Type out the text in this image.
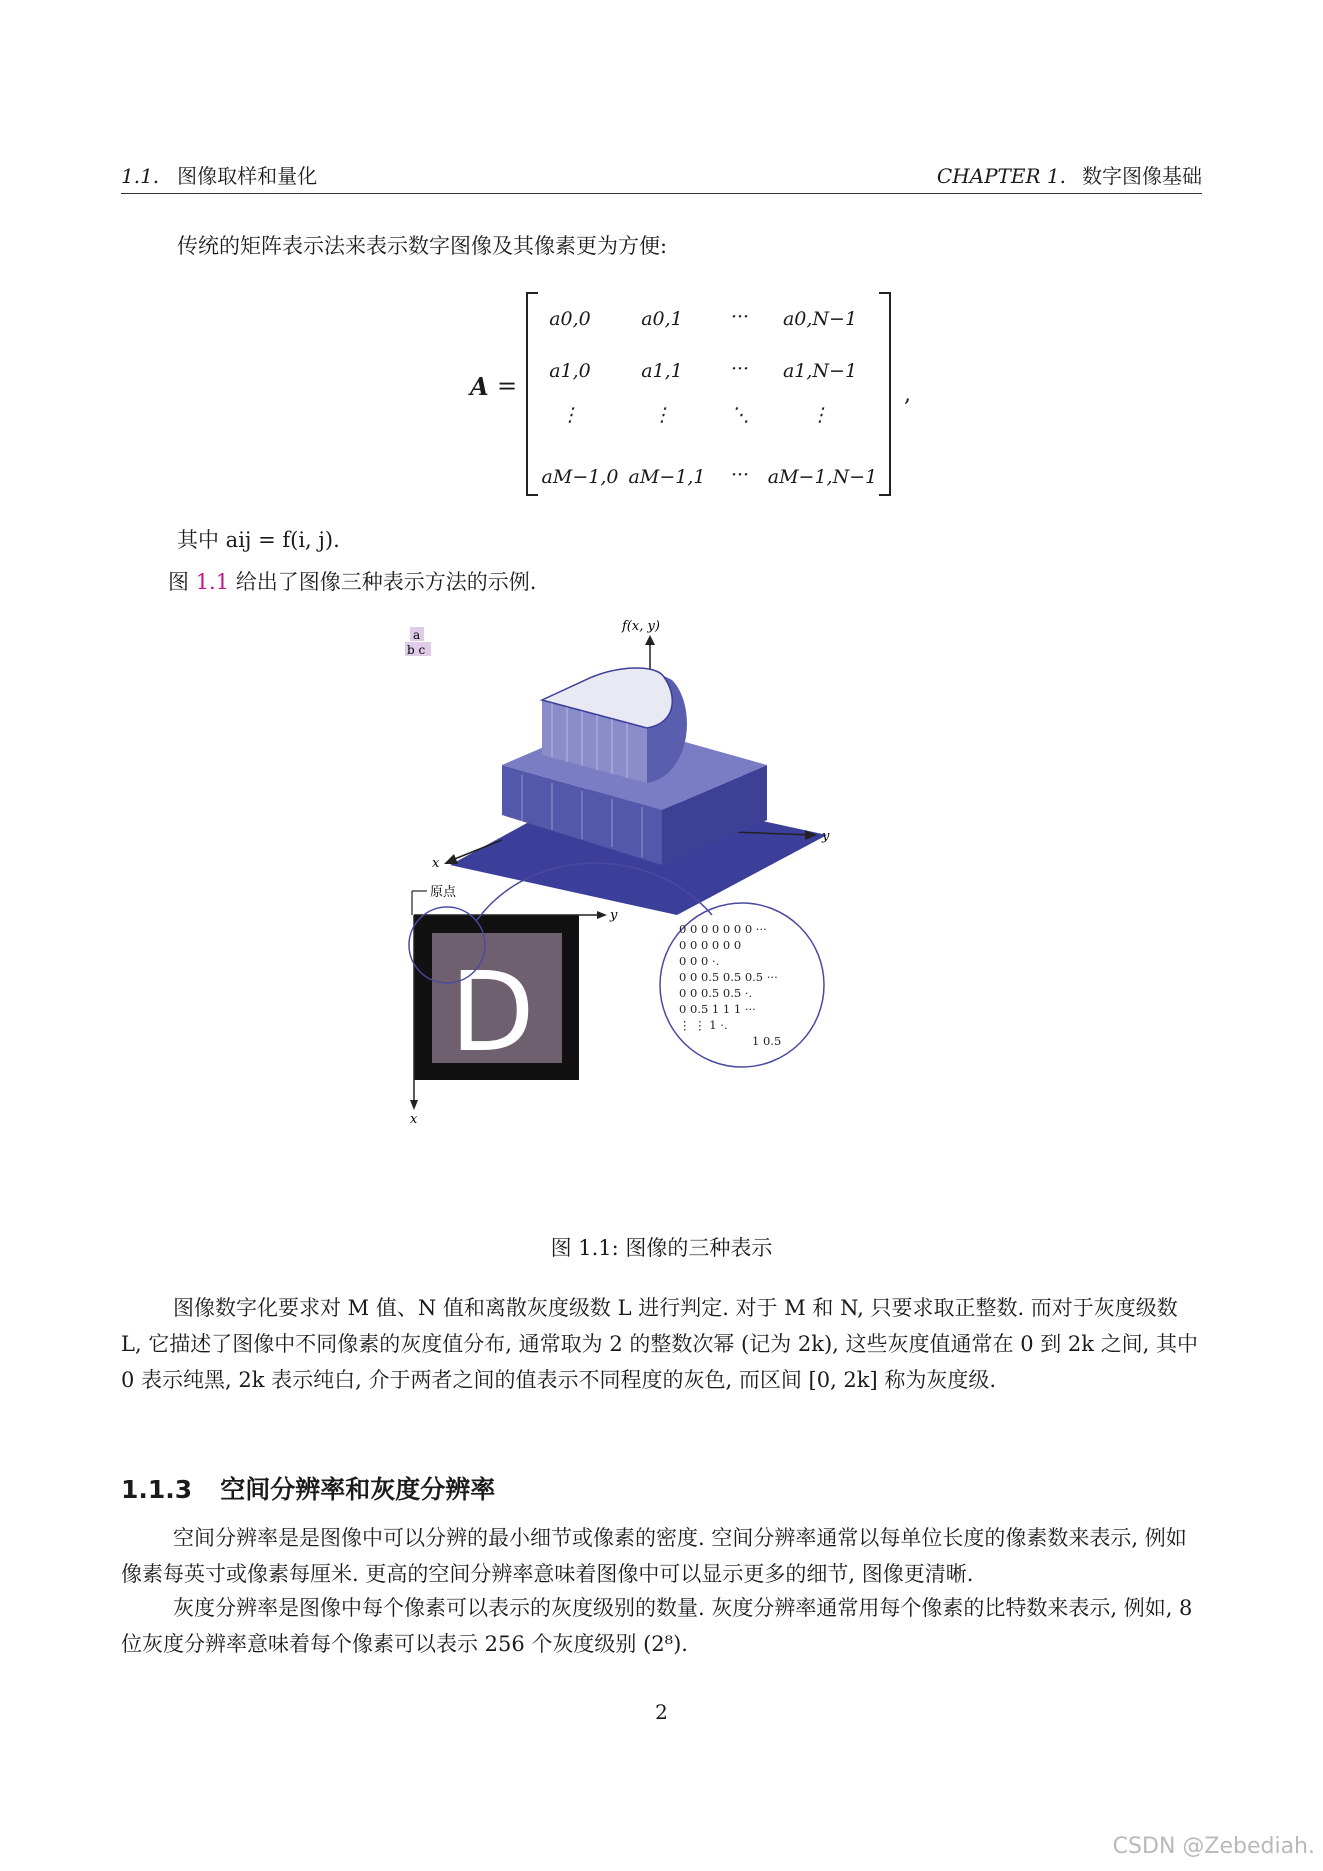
1.1. 图像取样和量化	CHAPTER 1. 数字图像基础
传统的矩阵表示法来表示数字图像及其像素更为方便:
A =
a0,0	a0,1	···	a0,N−1
a1,0	a1,1	···	a1,N−1
⋮	⋮	⋱	⋮
aM−1,0 aM−1,1	··· aM−1,N−1
,
其中 aij = f(i, j).
图 1.1 给出了图像三种表示方法的示例.
a
b c
f(x, y)
y
x
原点
D
y
x
0 0 0 0 0 0 0 ···
0 0 0 0 0 0
0 0 0 ·.
0 0 0.5 0.5 0.5 ···
0 0 0.5 0.5 ·.
0 0.5 1 1 1 ···
⋮ ⋮ 1 ·.
1 0.5
图 1.1: 图像的三种表示
图像数字化要求对 M 值、N 值和离散灰度级数 L 进行判定. 对于 M 和 N, 只要求取正整数. 而对于灰度级数 L, 它描述了图像中不同像素的灰度值分布, 通常取为 2 的整数次幂 (记为 2k), 这些灰度值通常在 0 到 2k 之间, 其中 0 表示纯黑, 2k 表示纯白, 介于两者之间的值表示不同程度的灰色, 而区间 [0, 2k] 称为灰度级.
1.1.3 空间分辨率和灰度分辨率
空间分辨率是是图像中可以分辨的最小细节或像素的密度. 空间分辨率通常以每单位长度的像素数来表示, 例如像素每英寸或像素每厘米. 更高的空间分辨率意味着图像中可以显示更多的细节, 图像更清晰.
灰度分辨率是图像中每个像素可以表示的灰度级别的数量. 灰度分辨率通常用每个像素的比特数来表示, 例如, 8 位灰度分辨率意味着每个像素可以表示 256 个灰度级别 (2⁸).
2
CSDN @Zebediah.
